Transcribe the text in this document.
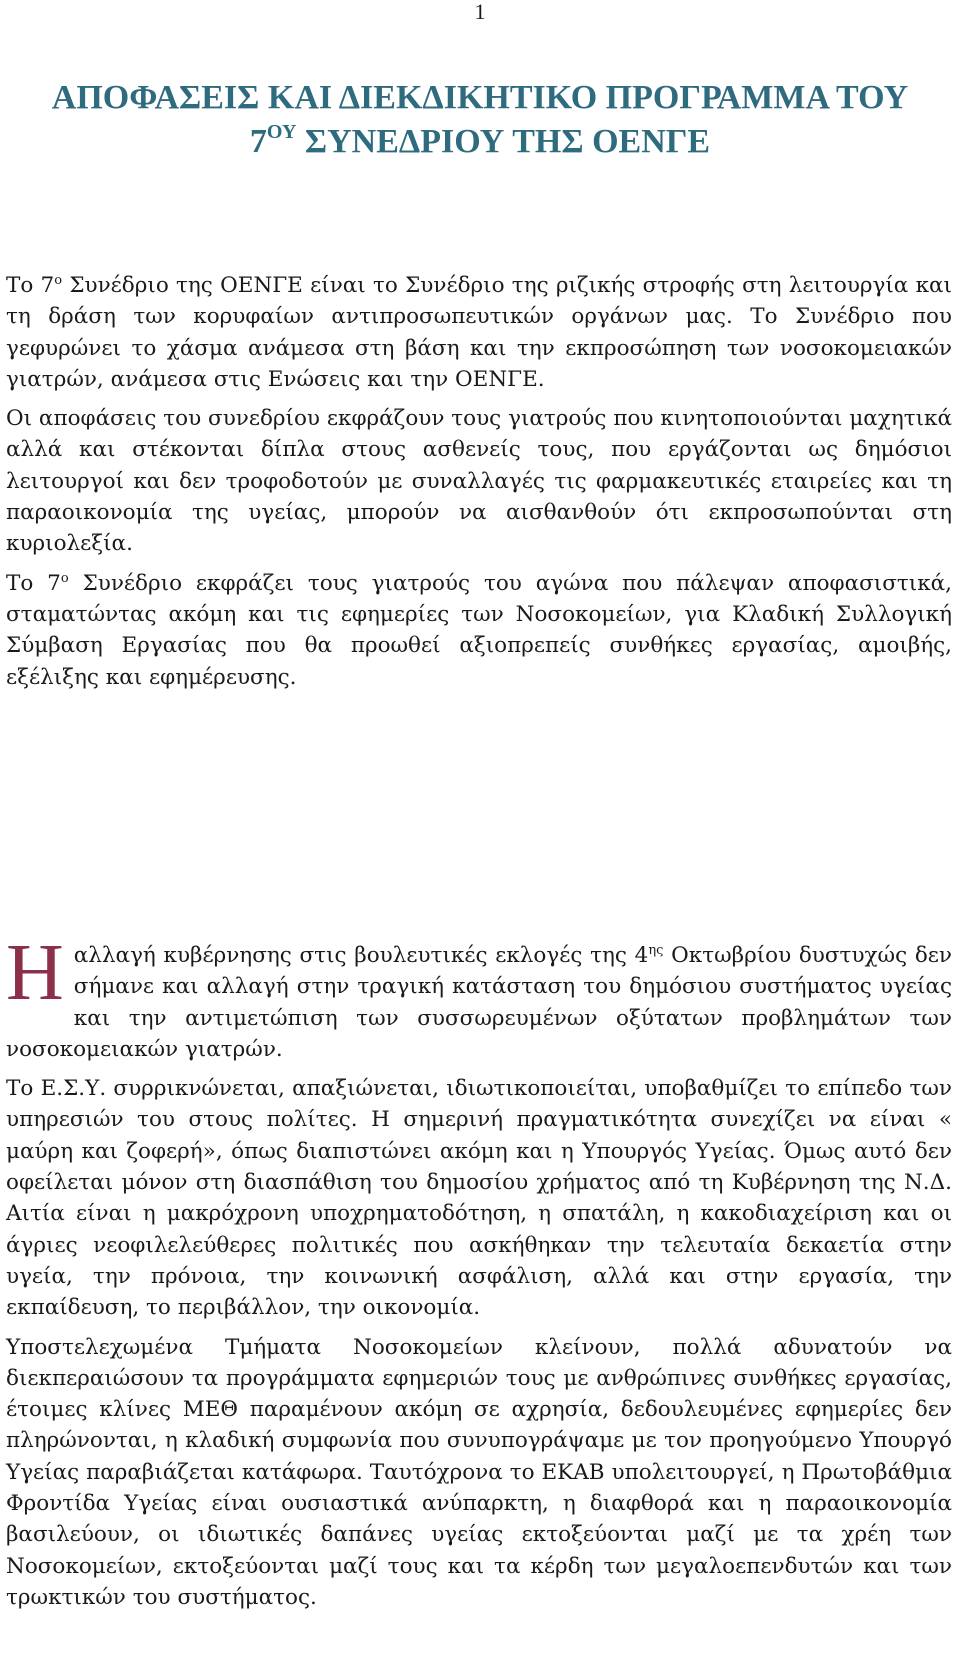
1
ΑΠΟΦΑΣΕΙΣ ΚΑΙ ΔΙΕΚΔΙΚΗΤΙΚΟ ΠΡΟΓΡΑΜΜΑ ΤΟΥ
$7^{O\Upsilon}$ ΣΥΝΕΔΡΙΟΥ ΤΗΣ ΟΕΝΓΕ

Το $7^o$ Συνέδριο της ΟΕΝΓΕ είναι το Συνέδριο της ριζικής στροφής στη λειτουργία και τη δράση των κορυφαίων αντιπροσωπευτικών οργάνων μας. Το Συνέδριο που γεφυρώνει το χάσμα ανάμεσα στη βάση και την εκπροσώπηση των νοσοκομειακών γιατρών, ανάμεσα στις Ενώσεις και την ΟΕΝΓΕ.

Οι αποφάσεις του συνεδρίου εκφράζουν τους γιατρούς που κινητοποιούνται μαχητικά αλλά και στέκονται δίπλα στους ασθενείς τους, που εργάζονται ως δημόσιοι λειτουργοί και δεν τροφοδοτούν με συναλλαγές τις φαρμακευτικές εταιρείες και τη παραοικονομία της υγείας, μπορούν να αισθανθούν ότι εκπροσωπούνται στη κυριολεξία.

Το $7^o$ Συνέδριο εκφράζει τους γιατρούς του αγώνα που πάλεψαν αποφασιστικά, σταματώντας ακόμη και τις εφημερίες των Νοσοκομείων, για Κλαδική Συλλογική Σύμβαση Εργασίας που θα προωθεί αξιοπρεπείς συνθήκες εργασίας, αμοιβής, εξέλιξης και εφημέρευσης.

Ηαλλαγή κυβέρνησης στις βουλευτικές εκλογές της $4^{\eta\varsigma}$ Οκτωβρίου δυστυχώς δεν σήμανε και αλλαγή στην τραγική κατάσταση του δημόσιου συστήματος υγείας και την αντιμετώπιση των συσσωρευμένων οξύτατων προβλημάτων των νοσοκομειακών γιατρών.

Το Ε.Σ.Υ. συρρικνώνεται, απαξιώνεται, ιδιωτικοποιείται, υποβαθμίζει το επίπεδο των υπηρεσιών του στους πολίτες. Η σημερινή πραγματικότητα συνεχίζει να είναι « μαύρη και ζοφερή», όπως διαπιστώνει ακόμη και η Υπουργός Υγείας. Όμως αυτό δεν οφείλεται μόνον στη διασπάθιση του δημοσίου χρήματος από τη Κυβέρνηση της Ν.Δ. Αιτία είναι η μακρόχρονη υποχρηματοδότηση, η σπατάλη, η κακοδιαχείριση και οι άγριες νεοφιλελεύθερες πολιτικές που ασκήθηκαν την τελευταία δεκαετία στην υγεία, την πρόνοια, την κοινωνική ασφάλιση, αλλά και στην εργασία, την εκπαίδευση, το περιβάλλον, την οικονομία.

Υποστελεχωμένα Τμήματα Νοσοκομείων κλείνουν, πολλά αδυνατούν να διεκπεραιώσουν τα προγράμματα εφημεριών τους με ανθρώπινες συνθήκες εργασίας, έτοιμες κλίνες ΜΕΘ παραμένουν ακόμη σε αχρησία, δεδουλευμένες εφημερίες δεν πληρώνονται, η κλαδική συμφωνία που συνυπογράψαμε με τον προηγούμενο Υπουργό Υγείας παραβιάζεται κατάφωρα. Ταυτόχρονα το ΕΚΑΒ υπολειτουργεί, η Πρωτοβάθμια Φροντίδα Υγείας είναι ουσιαστικά ανύπαρκτη, η διαφθορά και η παραοικονομία βασιλεύουν, οι ιδιωτικές δαπάνες υγείας εκτοξεύονται μαζί με τα χρέη των Νοσοκομείων, εκτοξεύονται μαζί τους και τα κέρδη των μεγαλοεπενδυτών και των τρωκτικών του συστήματος.
